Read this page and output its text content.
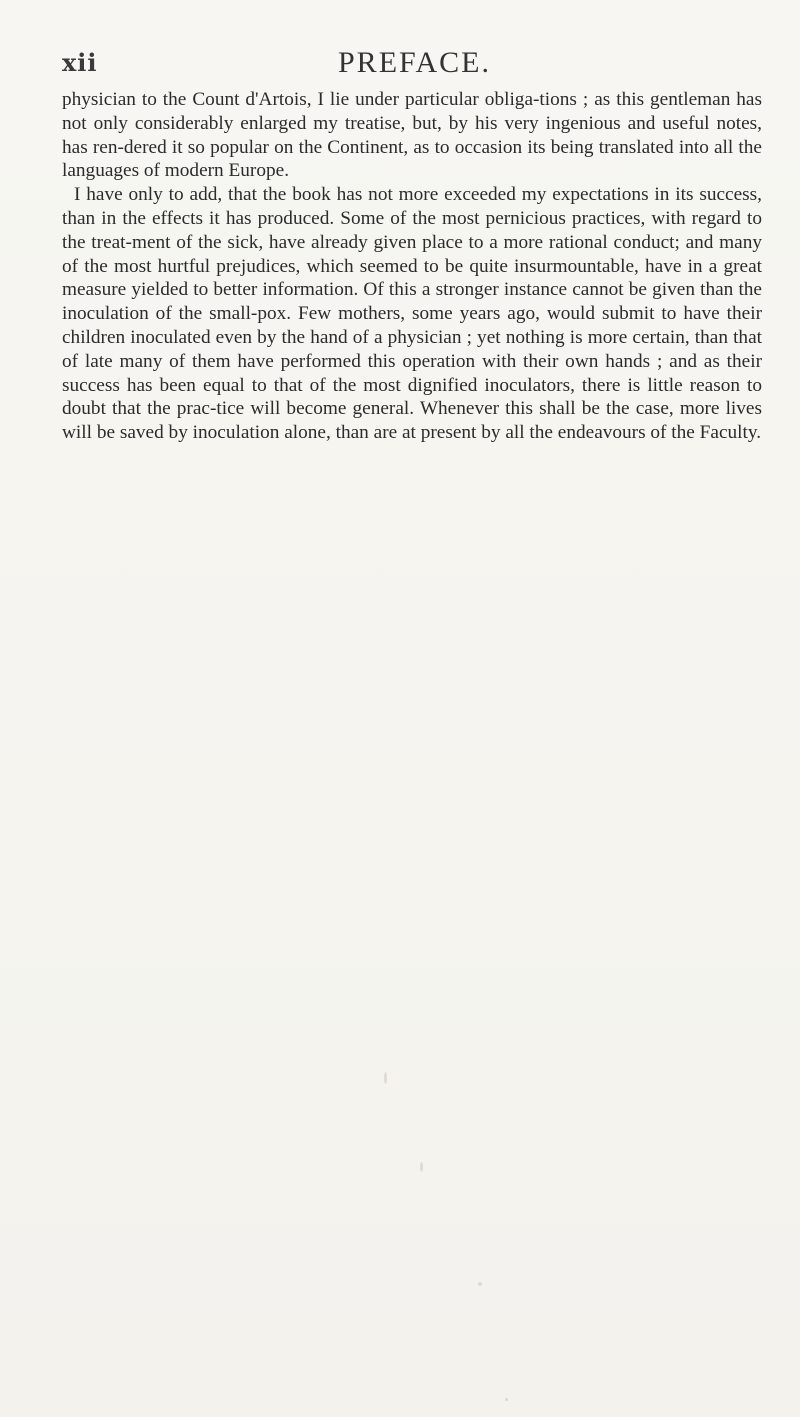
xii	PREFACE.

physician to the Count d'Artois, I lie under particular obliga-tions ; as this gentleman has not only considerably enlarged my treatise, but, by his very ingenious and useful notes, has ren-dered it so popular on the Continent, as to occasion its being translated into all the languages of modern Europe.

I have only to add, that the book has not more exceeded my expectations in its success, than in the effects it has produced. Some of the most pernicious practices, with regard to the treat-ment of the sick, have already given place to a more rational conduct; and many of the most hurtful prejudices, which seemed to be quite insurmountable, have in a great measure yielded to better information. Of this a stronger instance cannot be given than the inoculation of the small-pox. Few mothers, some years ago, would submit to have their children inoculated even by the hand of a physician ; yet nothing is more certain, than that of late many of them have performed this operation with their own hands ; and as their success has been equal to that of the most dignified inoculators, there is little reason to doubt that the prac-tice will become general. Whenever this shall be the case, more lives will be saved by inoculation alone, than are at present by all the endeavours of the Faculty.
